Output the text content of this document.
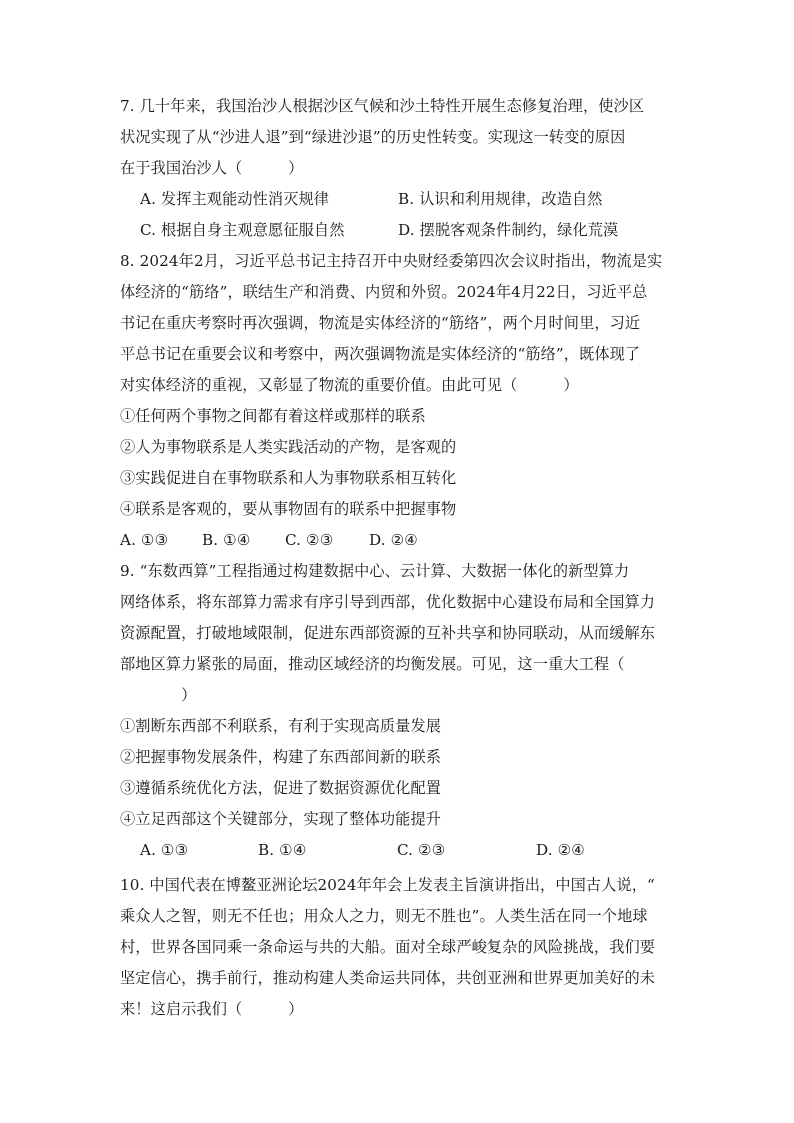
7. 几十年来，我国治沙人根据沙区气候和沙土特性开展生态修复治理，使沙区
状况实现了从“沙进人退”到“绿进沙退”的历史性转变。实现这一转变的原因
在于我国治沙人（　　　）
A. 发挥主观能动性消灭规律	B. 认识和利用规律，改造自然
C. 根据自身主观意愿征服自然	D. 摆脱客观条件制约，绿化荒漠
8. 2024年2月，习近平总书记主持召开中央财经委第四次会议时指出，物流是实
体经济的“筋络”，联结生产和消费、内贸和外贸。2024年4月22日，习近平总
书记在重庆考察时再次强调，物流是实体经济的“筋络”，两个月时间里，习近
平总书记在重要会议和考察中，两次强调物流是实体经济的“筋络”，既体现了
对实体经济的重视，又彰显了物流的重要价值。由此可见（　　　）
①任何两个事物之间都有着这样或那样的联系
②人为事物联系是人类实践活动的产物，是客观的
③实践促进自在事物联系和人为事物联系相互转化
④联系是客观的，要从事物固有的联系中把握事物
A. ①③ B. ①④ C. ②③ D. ②④
9. “东数西算”工程指通过构建数据中心、云计算、大数据一体化的新型算力
网络体系，将东部算力需求有序引导到西部，优化数据中心建设布局和全国算力
资源配置，打破地域限制，促进东西部资源的互补共享和协同联动，从而缓解东
部地区算力紧张的局面，推动区域经济的均衡发展。可见，这一重大工程（
　　　　）
①割断东西部不利联系，有利于实现高质量发展
②把握事物发展条件，构建了东西部间新的联系
③遵循系统优化方法，促进了数据资源优化配置
④立足西部这个关键部分，实现了整体功能提升
A. ①③	B. ①④	C. ②③	D. ②④
10. 中国代表在博鳌亚洲论坛2024年年会上发表主旨演讲指出，中国古人说，“
乘众人之智，则无不任也；用众人之力，则无不胜也”。人类生活在同一个地球
村，世界各国同乘一条命运与共的大船。面对全球严峻复杂的风险挑战，我们要
坚定信心，携手前行，推动构建人类命运共同体，共创亚洲和世界更加美好的未
来！这启示我们（　　　）
